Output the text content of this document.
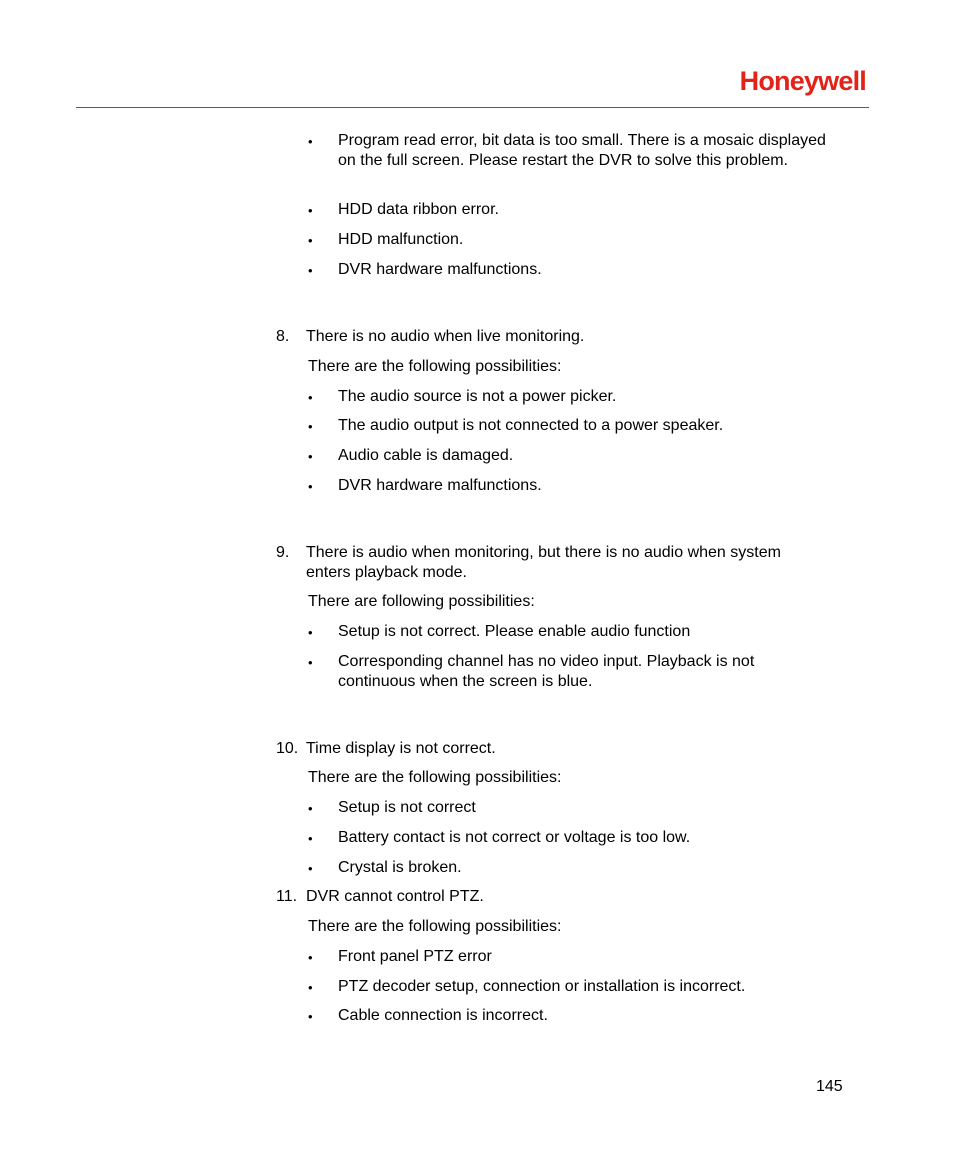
Honeywell
• Program read error, bit data is too small. There is a mosaic displayed on the full screen. Please restart the DVR to solve this problem.
• HDD data ribbon error.
• HDD malfunction.
• DVR hardware malfunctions.
8. There is no audio when live monitoring.
There are the following possibilities:
• The audio source is not a power picker.
• The audio output is not connected to a power speaker.
• Audio cable is damaged.
• DVR hardware malfunctions.
9. There is audio when monitoring, but there is no audio when system enters playback mode.
There are following possibilities:
• Setup is not correct. Please enable audio function
• Corresponding channel has no video input. Playback is not continuous when the screen is blue.
10. Time display is not correct.
There are the following possibilities:
• Setup is not correct
• Battery contact is not correct or voltage is too low.
• Crystal is broken.
11. DVR cannot control PTZ.
There are the following possibilities:
• Front panel PTZ error
• PTZ decoder setup, connection or installation is incorrect.
• Cable connection is incorrect.
145
